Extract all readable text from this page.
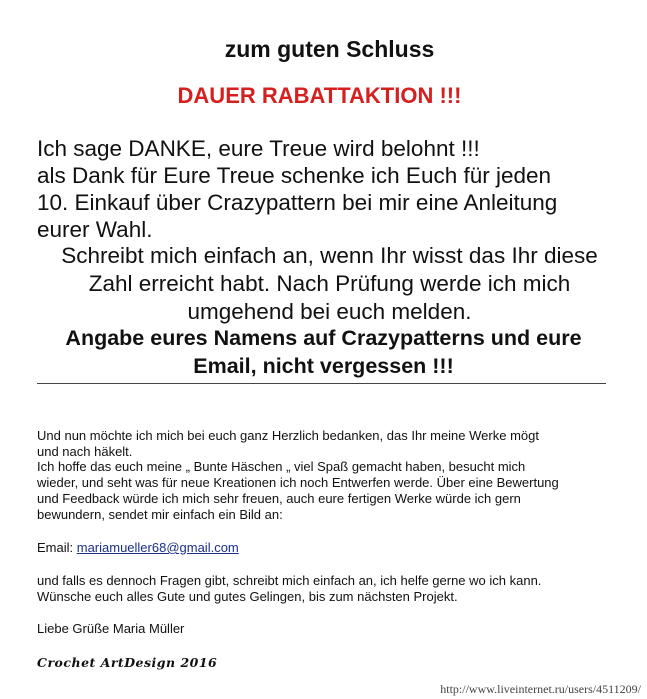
zum guten Schluss
DAUER RABATTAKTION !!!
Ich sage DANKE, eure Treue wird belohnt !!!
als Dank für Eure Treue schenke ich Euch für jeden
10. Einkauf über Crazypattern bei mir eine Anleitung
eurer Wahl.
Schreibt mich einfach an, wenn Ihr wisst das Ihr diese
Zahl erreicht habt. Nach Prüfung werde ich mich
umgehend bei euch melden.
Angabe eures Namens auf Crazypatterns und eure
Email, nicht vergessen !!!
Und nun möchte ich mich bei euch ganz Herzlich bedanken, das Ihr meine Werke mögt
und nach häkelt.
Ich hoffe das euch meine „ Bunte Häschen „ viel Spaß gemacht haben, besucht mich
wieder, und seht was für neue Kreationen ich noch Entwerfen werde. Über eine Bewertung
und Feedback würde ich mich sehr freuen, auch eure fertigen Werke würde ich gern
bewundern, sendet mir einfach ein Bild an:
Email: mariamueller68@gmail.com
und falls es dennoch Fragen gibt, schreibt mich einfach an, ich helfe gerne wo ich kann.
Wünsche euch alles Gute und gutes Gelingen, bis zum nächsten Projekt.
Liebe Grüße Maria Müller
Crochet ArtDesign 2016
http://www.liveinternet.ru/users/4511209/
